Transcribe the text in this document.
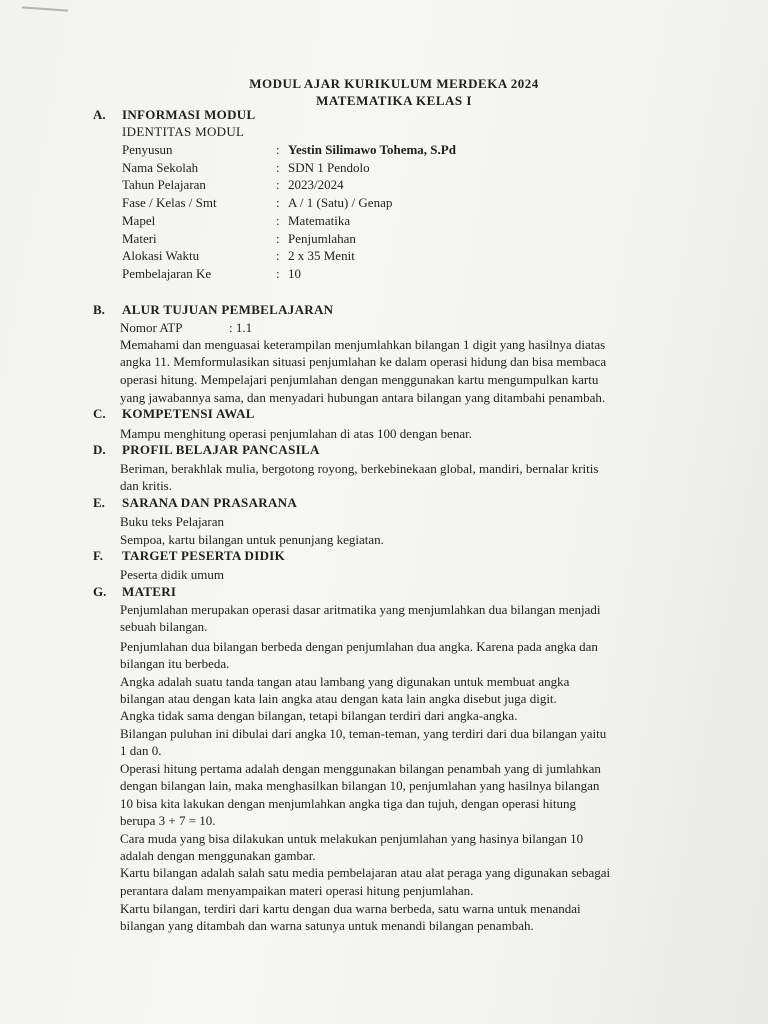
MODUL AJAR KURIKULUM MERDEKA 2024
MATEMATIKA KELAS I
A. INFORMASI MODUL
IDENTITAS MODUL
Penyusun	: Yestin Silimawo Tohema, S.Pd
Nama Sekolah	: SDN 1 Pendolo
Tahun Pelajaran	: 2023/2024
Fase / Kelas / Smt	: A / 1 (Satu) / Genap
Mapel	: Matematika
Materi	: Penjumlahan
Alokasi Waktu	: 2 x 35 Menit
Pembelajaran Ke	: 10
B. ALUR TUJUAN PEMBELAJARAN
Nomor ATP	: 1.1
Memahami dan menguasai keterampilan menjumlahkan bilangan 1 digit yang hasilnya diatas
angka 11. Memformulasikan situasi penjumlahan ke dalam operasi hidung dan bisa membaca
operasi hitung. Mempelajari penjumlahan dengan menggunakan kartu mengumpulkan kartu
yang jawabannya sama, dan menyadari hubungan antara bilangan yang ditambahi penambah.
C. KOMPETENSI AWAL
Mampu menghitung operasi penjumlahan di atas 100 dengan benar.
D. PROFIL BELAJAR PANCASILA
Beriman, berakhlak mulia, bergotong royong, berkebinekaan global, mandiri, bernalar kritis
dan kritis.
E. SARANA DAN PRASARANA
Buku teks Pelajaran
Sempoa, kartu bilangan untuk penunjang kegiatan.
F. TARGET PESERTA DIDIK
Peserta didik umum
G. MATERI
Penjumlahan merupakan operasi dasar aritmatika yang menjumlahkan dua bilangan menjadi
sebuah bilangan.
Penjumlahan dua bilangan berbeda dengan penjumlahan dua angka. Karena pada angka dan
bilangan itu berbeda.
Angka adalah suatu tanda tangan atau lambang yang digunakan untuk membuat angka
bilangan atau dengan kata lain angka atau dengan kata lain angka disebut juga digit.
Angka tidak sama dengan bilangan, tetapi bilangan terdiri dari angka-angka.
Bilangan puluhan ini dibulai dari angka 10, teman-teman, yang terdiri dari dua bilangan yaitu
1 dan 0.
Operasi hitung pertama adalah dengan menggunakan bilangan penambah yang di jumlahkan
dengan bilangan lain, maka menghasilkan bilangan 10, penjumlahan yang hasilnya bilangan
10 bisa kita lakukan dengan menjumlahkan angka tiga dan tujuh, dengan operasi hitung
berupa 3 + 7 = 10.
Cara muda yang bisa dilakukan untuk melakukan penjumlahan yang hasinya bilangan 10
adalah dengan menggunakan gambar.
Kartu bilangan adalah salah satu media pembelajaran atau alat peraga yang digunakan sebagai
perantara dalam menyampaikan materi operasi hitung penjumlahan.
Kartu bilangan, terdiri dari kartu dengan dua warna berbeda, satu warna untuk menandai
bilangan yang ditambah dan warna satunya untuk menandi bilangan penambah.
